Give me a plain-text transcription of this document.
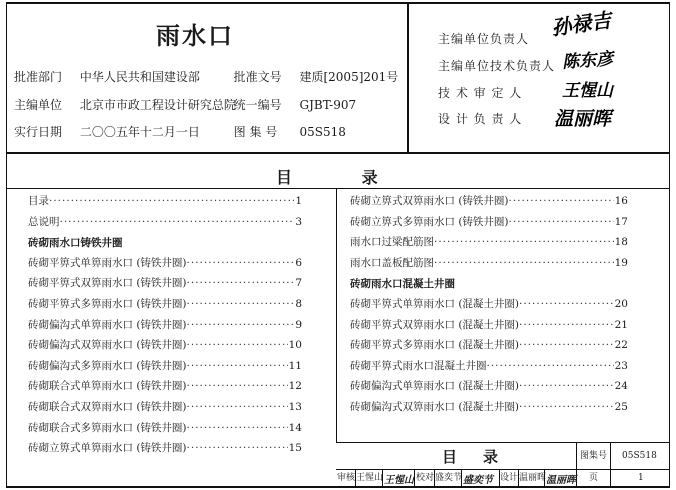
雨水口
批准部门 中华人民共和国建设部	批准文号 建质[2005]201号
主编单位 北京市市政工程设计研究总院 统一编号 GJBT-907
实行日期 二〇〇五年十二月一日	图 集 号 05S518
主编单位负责人 孙禄吉
主编单位技术负责人 陈东彦
技 术 审 定 人 王惺山
设 计 负 责 人 温丽晖
目	录
目录 ·····	1
总说明 ·····	3
砖砌雨水口铸铁井圈
砖砌平箅式单箅雨水口 (铸铁井圈) ·····	6
砖砌平箅式双箅雨水口 (铸铁井圈) ·····	7
砖砌平箅式多箅雨水口 (铸铁井圈) ·····	8
砖砌偏沟式单箅雨水口 (铸铁井圈) ·····	9
砖砌偏沟式双箅雨水口 (铸铁井圈) ·····	10
砖砌偏沟式多箅雨水口 (铸铁井圈) ·····	11
砖砌联合式单箅雨水口 (铸铁井圈) ·····	12
砖砌联合式双箅雨水口 (铸铁井圈) ·····	13
砖砌联合式多箅雨水口 (铸铁井圈) ·····	14
砖砌立箅式单箅雨水口 (铸铁井圈) ·····	15
砖砌立箅式双箅雨水口 (铸铁井圈) ·····	16
砖砌立箅式多箅雨水口 (铸铁井圈) ·····	17
雨水口过梁配筋图 ·····	18
雨水口盖板配筋图 ·····	19
砖砌雨水口混凝土井圈
砖砌平箅式单箅雨水口 (混凝土井圈) ·····	20
砖砌平箅式双箅雨水口 (混凝土井圈) ·····	21
砖砌平箅式多箅雨水口 (混凝土井圈) ·····	22
砖砌平箅式雨水口混凝土井圈 ·····	23
砖砌偏沟式单箅雨水口 (混凝土井圈) ·····	24
砖砌偏沟式双箅雨水口 (混凝土井圈) ·····	25
目 录	图集号 05S518
审核 王惺山 王惺山 校对 盛奕节 盛奕节 设计 温丽晖 温丽晖 页	1
